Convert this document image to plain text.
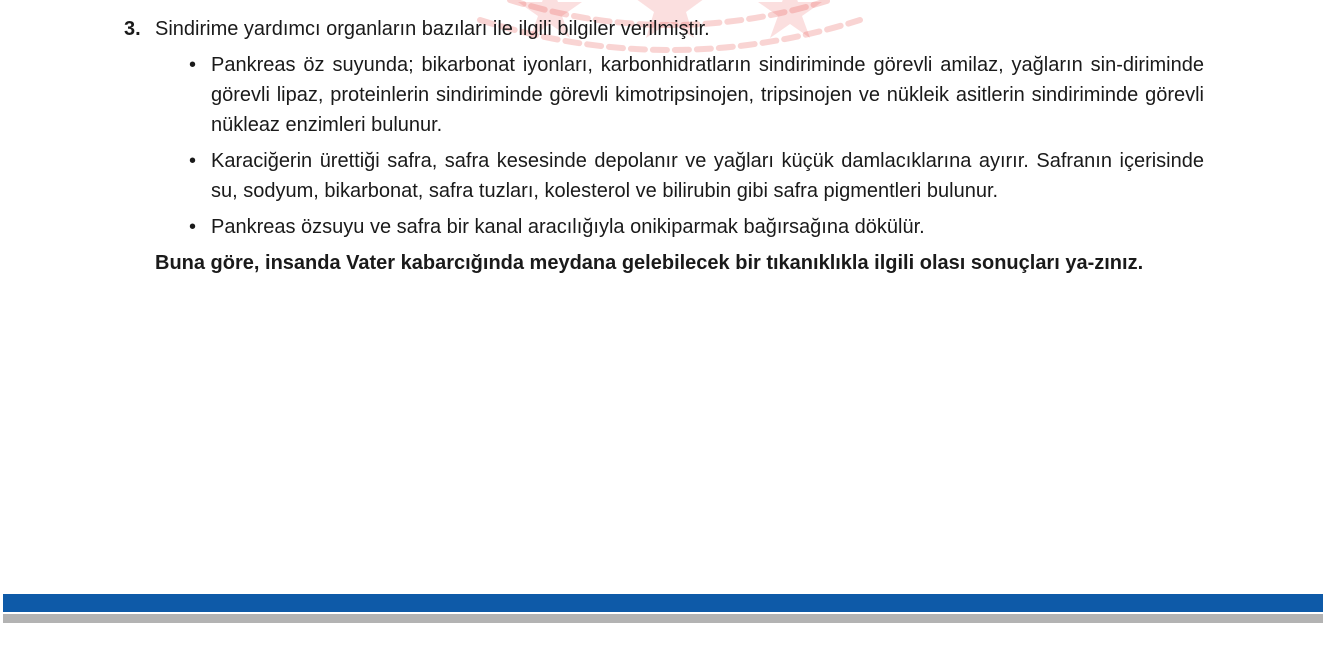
3. Sindirime yardımcı organların bazıları ile ilgili bilgiler verilmiştir.

• Pankreas öz suyunda; bikarbonat iyonları, karbonhidratların sindiriminde görevli amilaz, yağların sin-diriminde görevli lipaz, proteinlerin sindiriminde görevli kimotripsinojen, tripsinojen ve nükleik asitlerin sindiriminde görevli nükleaz enzimleri bulunur.
• Karaciğerin ürettiği safra, safra kesesinde depolanır ve yağları küçük damlacıklarına ayırır. Safranın içerisinde su, sodyum, bikarbonat, safra tuzları, kolesterol ve bilirubin gibi safra pigmentleri bulunur.
• Pankreas özsuyu ve safra bir kanal aracılığıyla onikiparmak bağırsağına dökülür.

Buna göre, insanda Vater kabarcığında meydana gelebilecek bir tıkanıklıkla ilgili olası sonuçları ya-zınız.
